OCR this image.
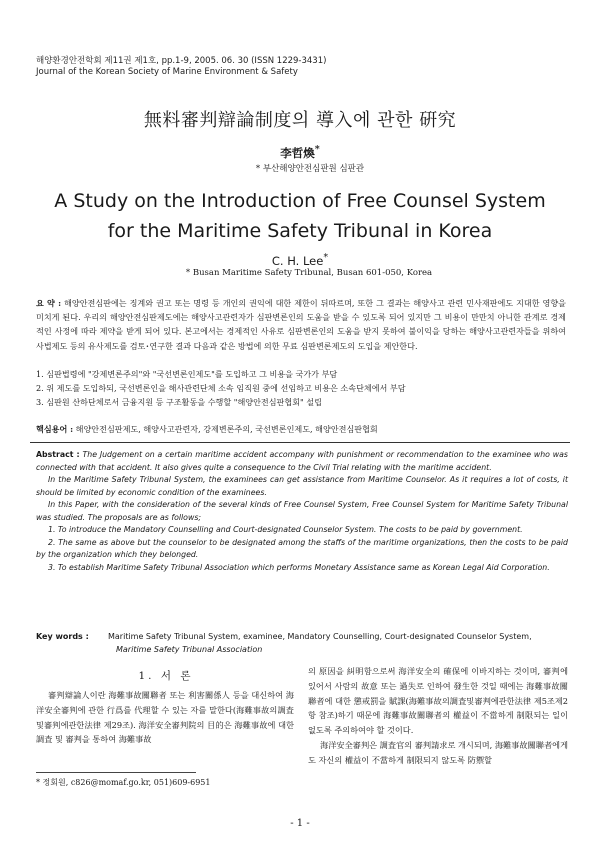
해양환경안전학회 제11권 제1호, pp.1-9, 2005. 06. 30 (ISSN 1229-3431)
Journal of the Korean Society of Marine Environment & Safety
無料審判辯論制度의 導入에 관한 硏究
李哲煥*
* 부산해양안전심판원 심판관
A Study on the Introduction of Free Counsel System
for the Maritime Safety Tribunal in Korea
C. H. Lee*
* Busan Maritime Safety Tribunal, Busan 601-050, Korea

요 약 : 해양안전심판에는 징계와 권고 또는 명령 등 개인의 권익에 대한 제한이 뒤따르며, 또한 그 결과는 해양사고 관련 민사재판에도 지대한 영향을 미치게 된다. 우리의 해양안전심판제도에는 해양사고관련자가 심판변론인의 도움을 받을 수 있도록 되어 있지만 그 비용이 만만치 아니한 관계로 경제적인 사정에 따라 제약을 받게 되어 있다. 본고에서는 경제적인 사유로 심판변론인의 도움을 받지 못하여 불이익을 당하는 해양사고관련자들을 위하여 사법제도 등의 유사제도를 검토･연구한 결과 다음과 같은 방법에 의한 무료 심판변론제도의 도입을 제안한다.

1. 심판법령에 "강제변론주의"와 "국선변론인제도"를 도입하고 그 비용을 국가가 부담
2. 위 제도를 도입하되, 국선변론인을 해사관련단체 소속 임직원 중에 선임하고 비용은 소속단체에서 부담
3. 심판원 산하단체로서 금융지원 등 구조활동을 수행할 "해양안전심판협회" 설립
핵심용어 : 해양안전심판제도, 해양사고관련자, 강제변론주의, 국선변론인제도, 해양안전심판협회

Abstract : The Judgement on a certain maritime accident accompany with punishment or recommendation to the examinee who was connected with that accident. It also gives quite a consequence to the Civil Trial relating with the maritime accident.

In the Maritime Safety Tribunal System, the examinees can get assistance from Maritime Counselor. As it requires a lot of costs, it should be limited by economic condition of the examinees.

In this Paper, with the consideration of the several kinds of Free Counsel System, Free Counsel System for Maritime Safety Tribunal was studied. The proposals are as follows;

1. To introduce the Mandatory Counselling and Court-designated Counselor System. The costs to be paid by government.

2. The same as above but the counselor to be designated among the staffs of the maritime organizations, then the costs to be paid by the organization which they belonged.

3. To establish Maritime Safety Tribunal Association which performs Monetary Assistance same as Korean Legal Aid Corporation.

Key words : Maritime Safety Tribunal System, examinee, Mandatory Counselling, Court-designated Counselor System,
Maritime Safety Tribunal Association
1. 서 론

審判辯論人이란 海難事故關聯者 또는 利害關係人 등을 대신하여 海洋安全審判에 관한 行爲를 代理할 수 있는 자를 말한다(海難事故의調査및審判에관한法律 제29조). 海洋安全審判院의 目的은 海難事故에 대한 調査 및 審判을 통하여 海難事故

의 原因을 糾明함으로써 海洋安全의 確保에 이바지하는 것이며, 審判에 있어서 사람의 故意 또는 過失로 인하여 發生한 것일 때에는 海難事故關聯者에 대한 懲戒罰을 賦課(海難事故의調査및審判에관한法律 제5조제2항 참조)하기 때문에 海難事故關聯者의 權益이 不當하게 制限되는 일이 없도록 주의하여야 할 것이다.

海洋安全審判은 調査官의 審判請求로 개시되며, 海難事故關聯者에게도 자신의 權益이 不當하게 制限되지 않도록 防禦할

* 정회원, c826@momaf.go.kr, 051)609-6951
- 1 -
